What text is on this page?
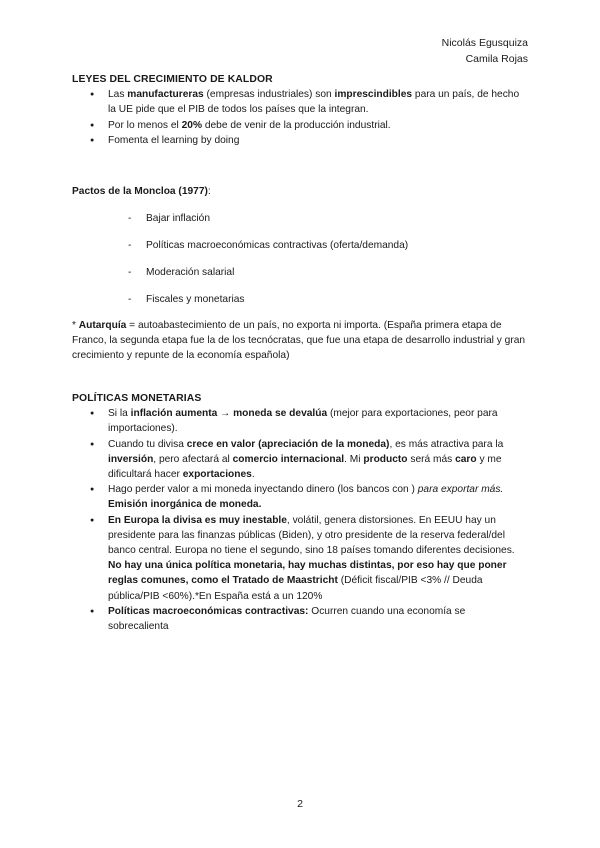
Nicolás Egusquiza
Camila Rojas
LEYES DEL CRECIMIENTO DE KALDOR
● Las manufactureras (empresas industriales) son imprescindibles para un país, de hecho la UE pide que el PIB de todos los países que la integran.
● Por lo menos el 20% debe de venir de la producción industrial.
● Fomenta el learning by doing

Pactos de la Moncloa (1977):

- Bajar inflación
- Políticas macroeconómicas contractivas (oferta/demanda)
- Moderación salarial
- Fiscales y monetarias

* Autarquía = autoabastecimiento de un país, no exporta ni importa. (España primera etapa de Franco, la segunda etapa fue la de los tecnócratas, que fue una etapa de desarrollo industrial y gran crecimiento y repunte de la economía española)

POLÍTICAS MONETARIAS
● Si la inflación aumenta → moneda se devalúa (mejor para exportaciones, peor para importaciones).
● Cuando tu divisa crece en valor (apreciación de la moneda), es más atractiva para la inversión, pero afectará al comercio internacional. Mi producto será más caro y me dificultará hacer exportaciones.
● Hago perder valor a mi moneda inyectando dinero (los bancos con ) para exportar más. Emisión inorgánica de moneda.
● En Europa la divisa es muy inestable, volátil, genera distorsiones. En EEUU hay un presidente para las finanzas públicas (Biden), y otro presidente de la reserva federal/del banco central. Europa no tiene el segundo, sino 18 países tomando diferentes decisiones. No hay una única política monetaria, hay muchas distintas, por eso hay que poner reglas comunes, como el Tratado de Maastricht (Déficit fiscal/PIB <3% // Deuda pública/PIB <60%).*En España está a un 120%
● Políticas macroeconómicas contractivas: Ocurren cuando una economía se sobrecalienta
2
